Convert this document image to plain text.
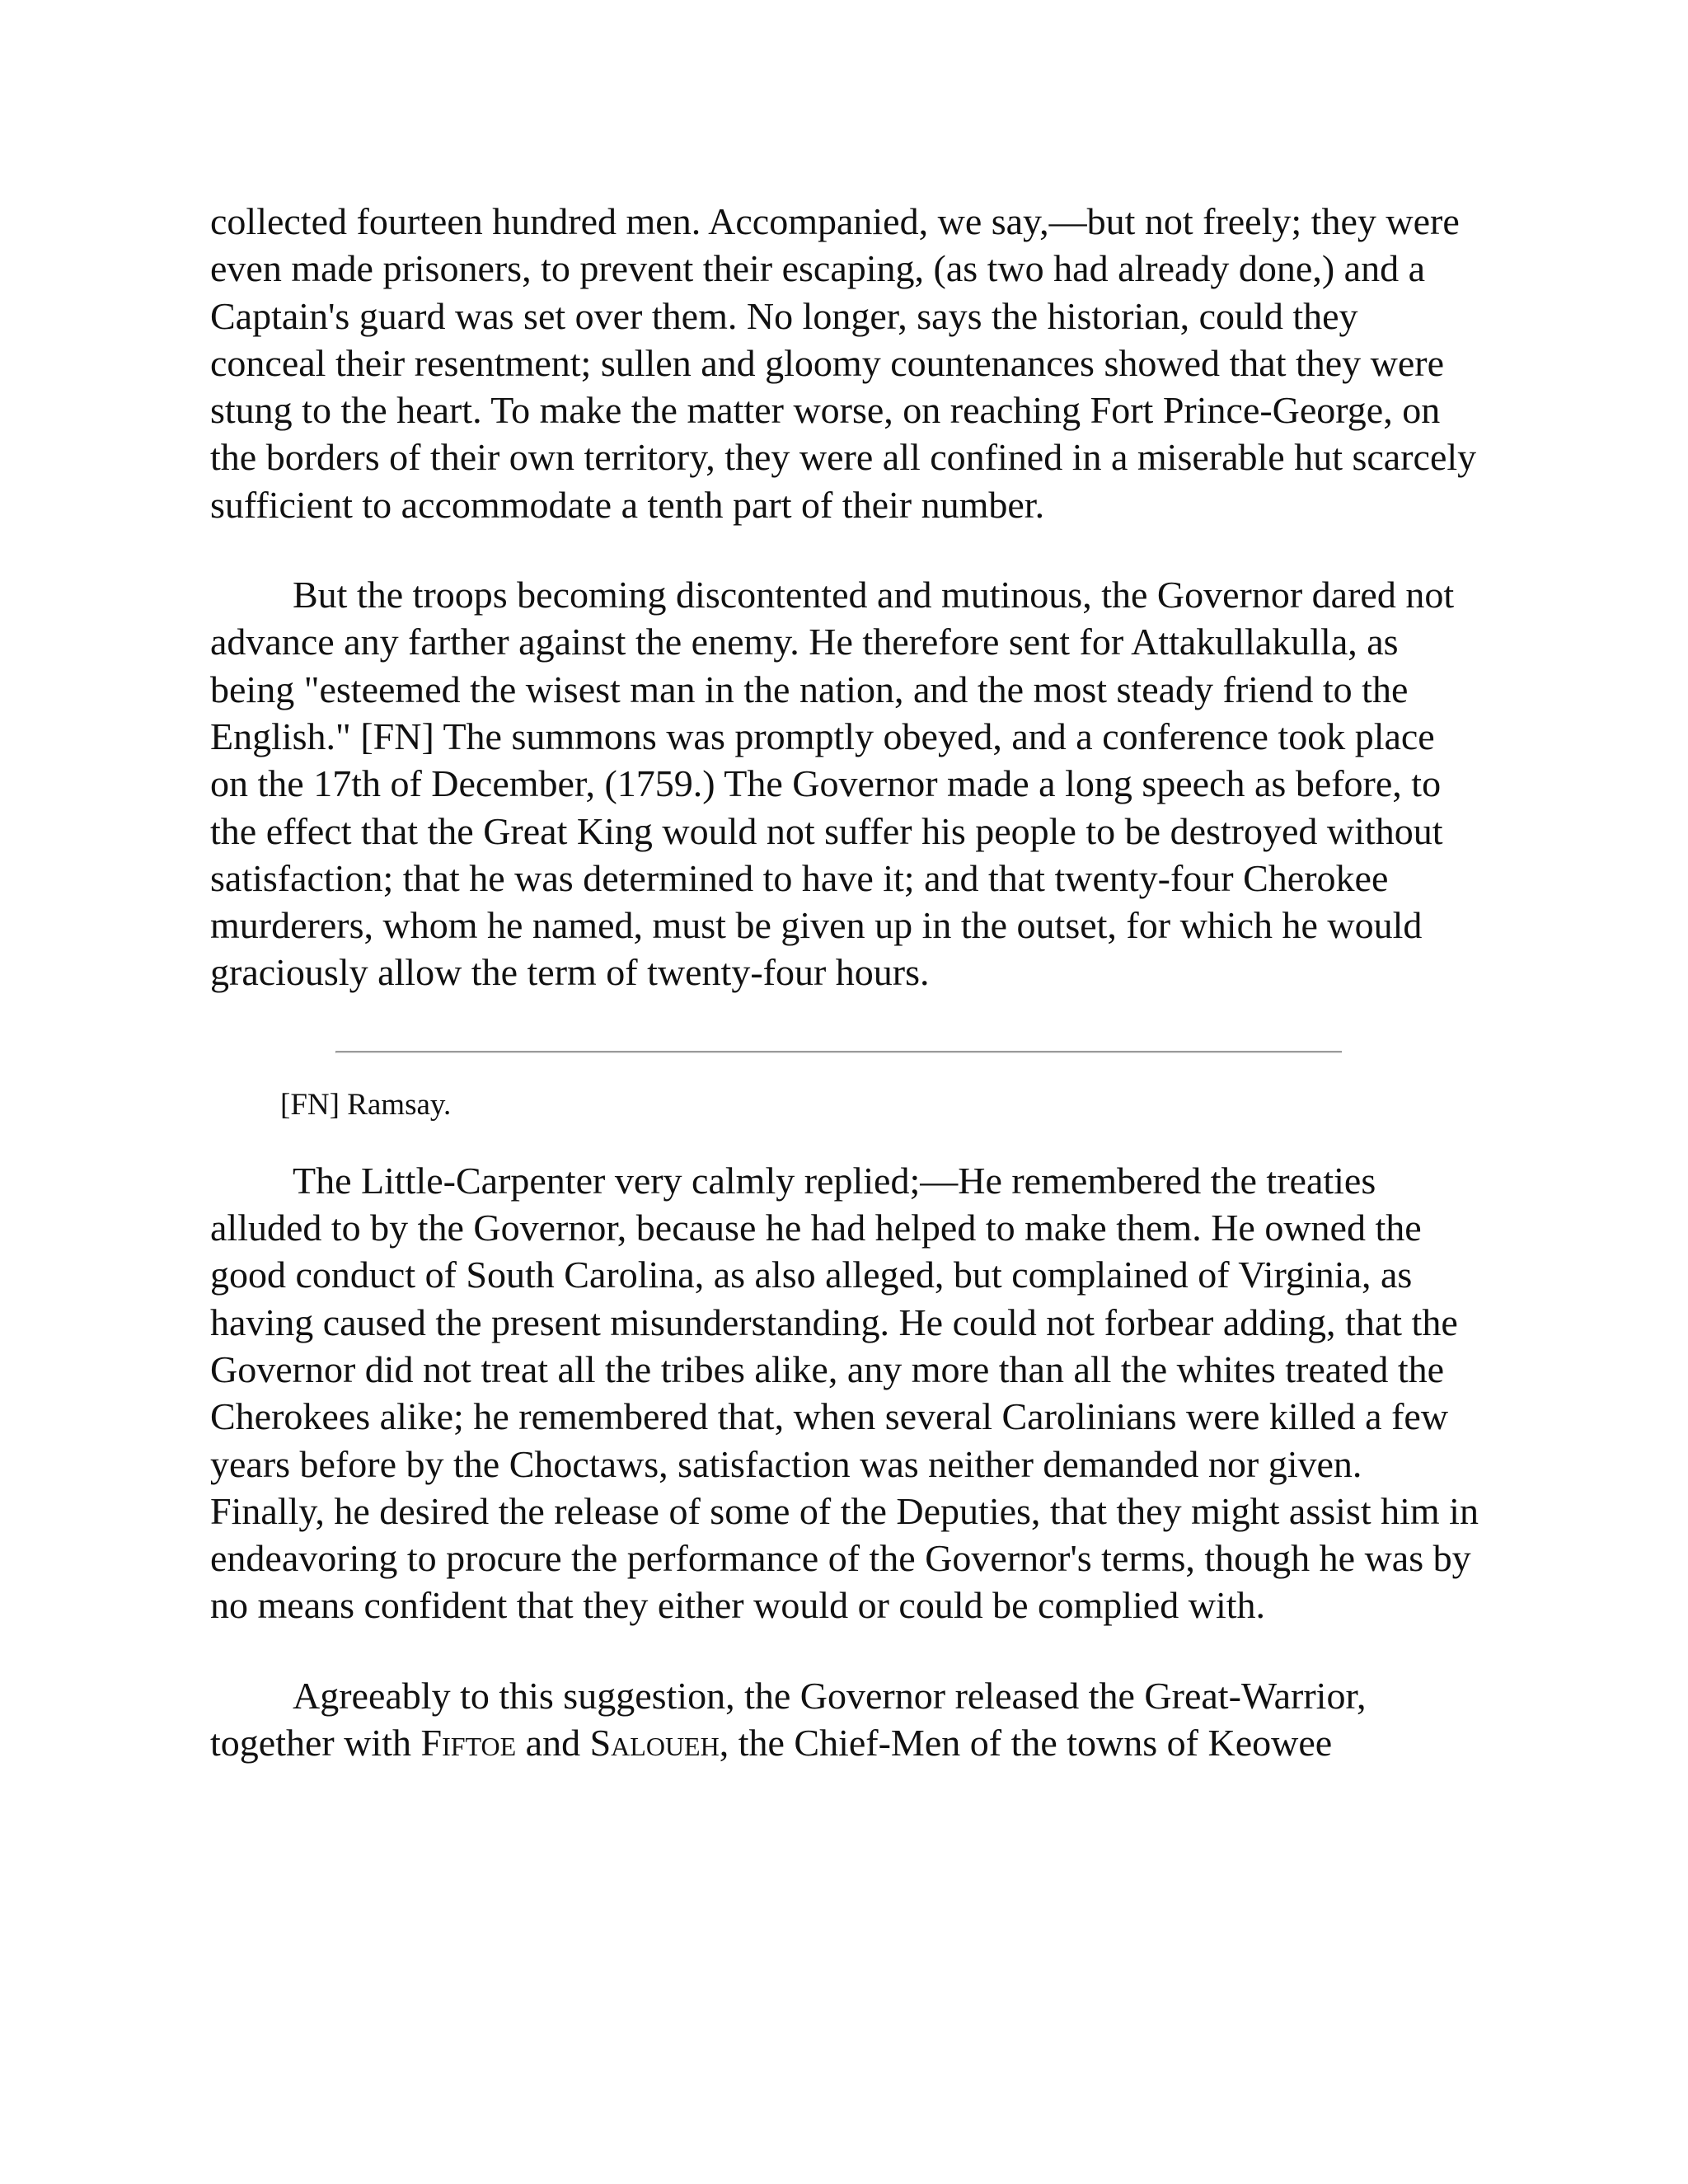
collected fourteen hundred men. Accompanied, we say,—but not freely; they were even made prisoners, to prevent their escaping, (as two had already done,) and a Captain's guard was set over them. No longer, says the historian, could they conceal their resentment; sullen and gloomy countenances showed that they were stung to the heart. To make the matter worse, on reaching Fort Prince-George, on the borders of their own territory, they were all confined in a miserable hut scarcely sufficient to accommodate a tenth part of their number.

But the troops becoming discontented and mutinous, the Governor dared not advance any farther against the enemy. He therefore sent for Attakullakulla, as being "esteemed the wisest man in the nation, and the most steady friend to the English." [FN] The summons was promptly obeyed, and a conference took place on the 17th of December, (1759.) The Governor made a long speech as before, to the effect that the Great King would not suffer his people to be destroyed without satisfaction; that he was determined to have it; and that twenty-four Cherokee murderers, whom he named, must be given up in the outset, for which he would graciously allow the term of twenty-four hours.

[FN] Ramsay.

The Little-Carpenter very calmly replied;—He remembered the treaties alluded to by the Governor, because he had helped to make them. He owned the good conduct of South Carolina, as also alleged, but complained of Virginia, as having caused the present misunderstanding. He could not forbear adding, that the Governor did not treat all the tribes alike, any more than all the whites treated the Cherokees alike; he remembered that, when several Carolinians were killed a few years before by the Choctaws, satisfaction was neither demanded nor given. Finally, he desired the release of some of the Deputies, that they might assist him in endeavoring to procure the performance of the Governor's terms, though he was by no means confident that they either would or could be complied with.

Agreeably to this suggestion, the Governor released the Great-Warrior, together with Fiftoe and Saloueh, the Chief-Men of the towns of Keowee
